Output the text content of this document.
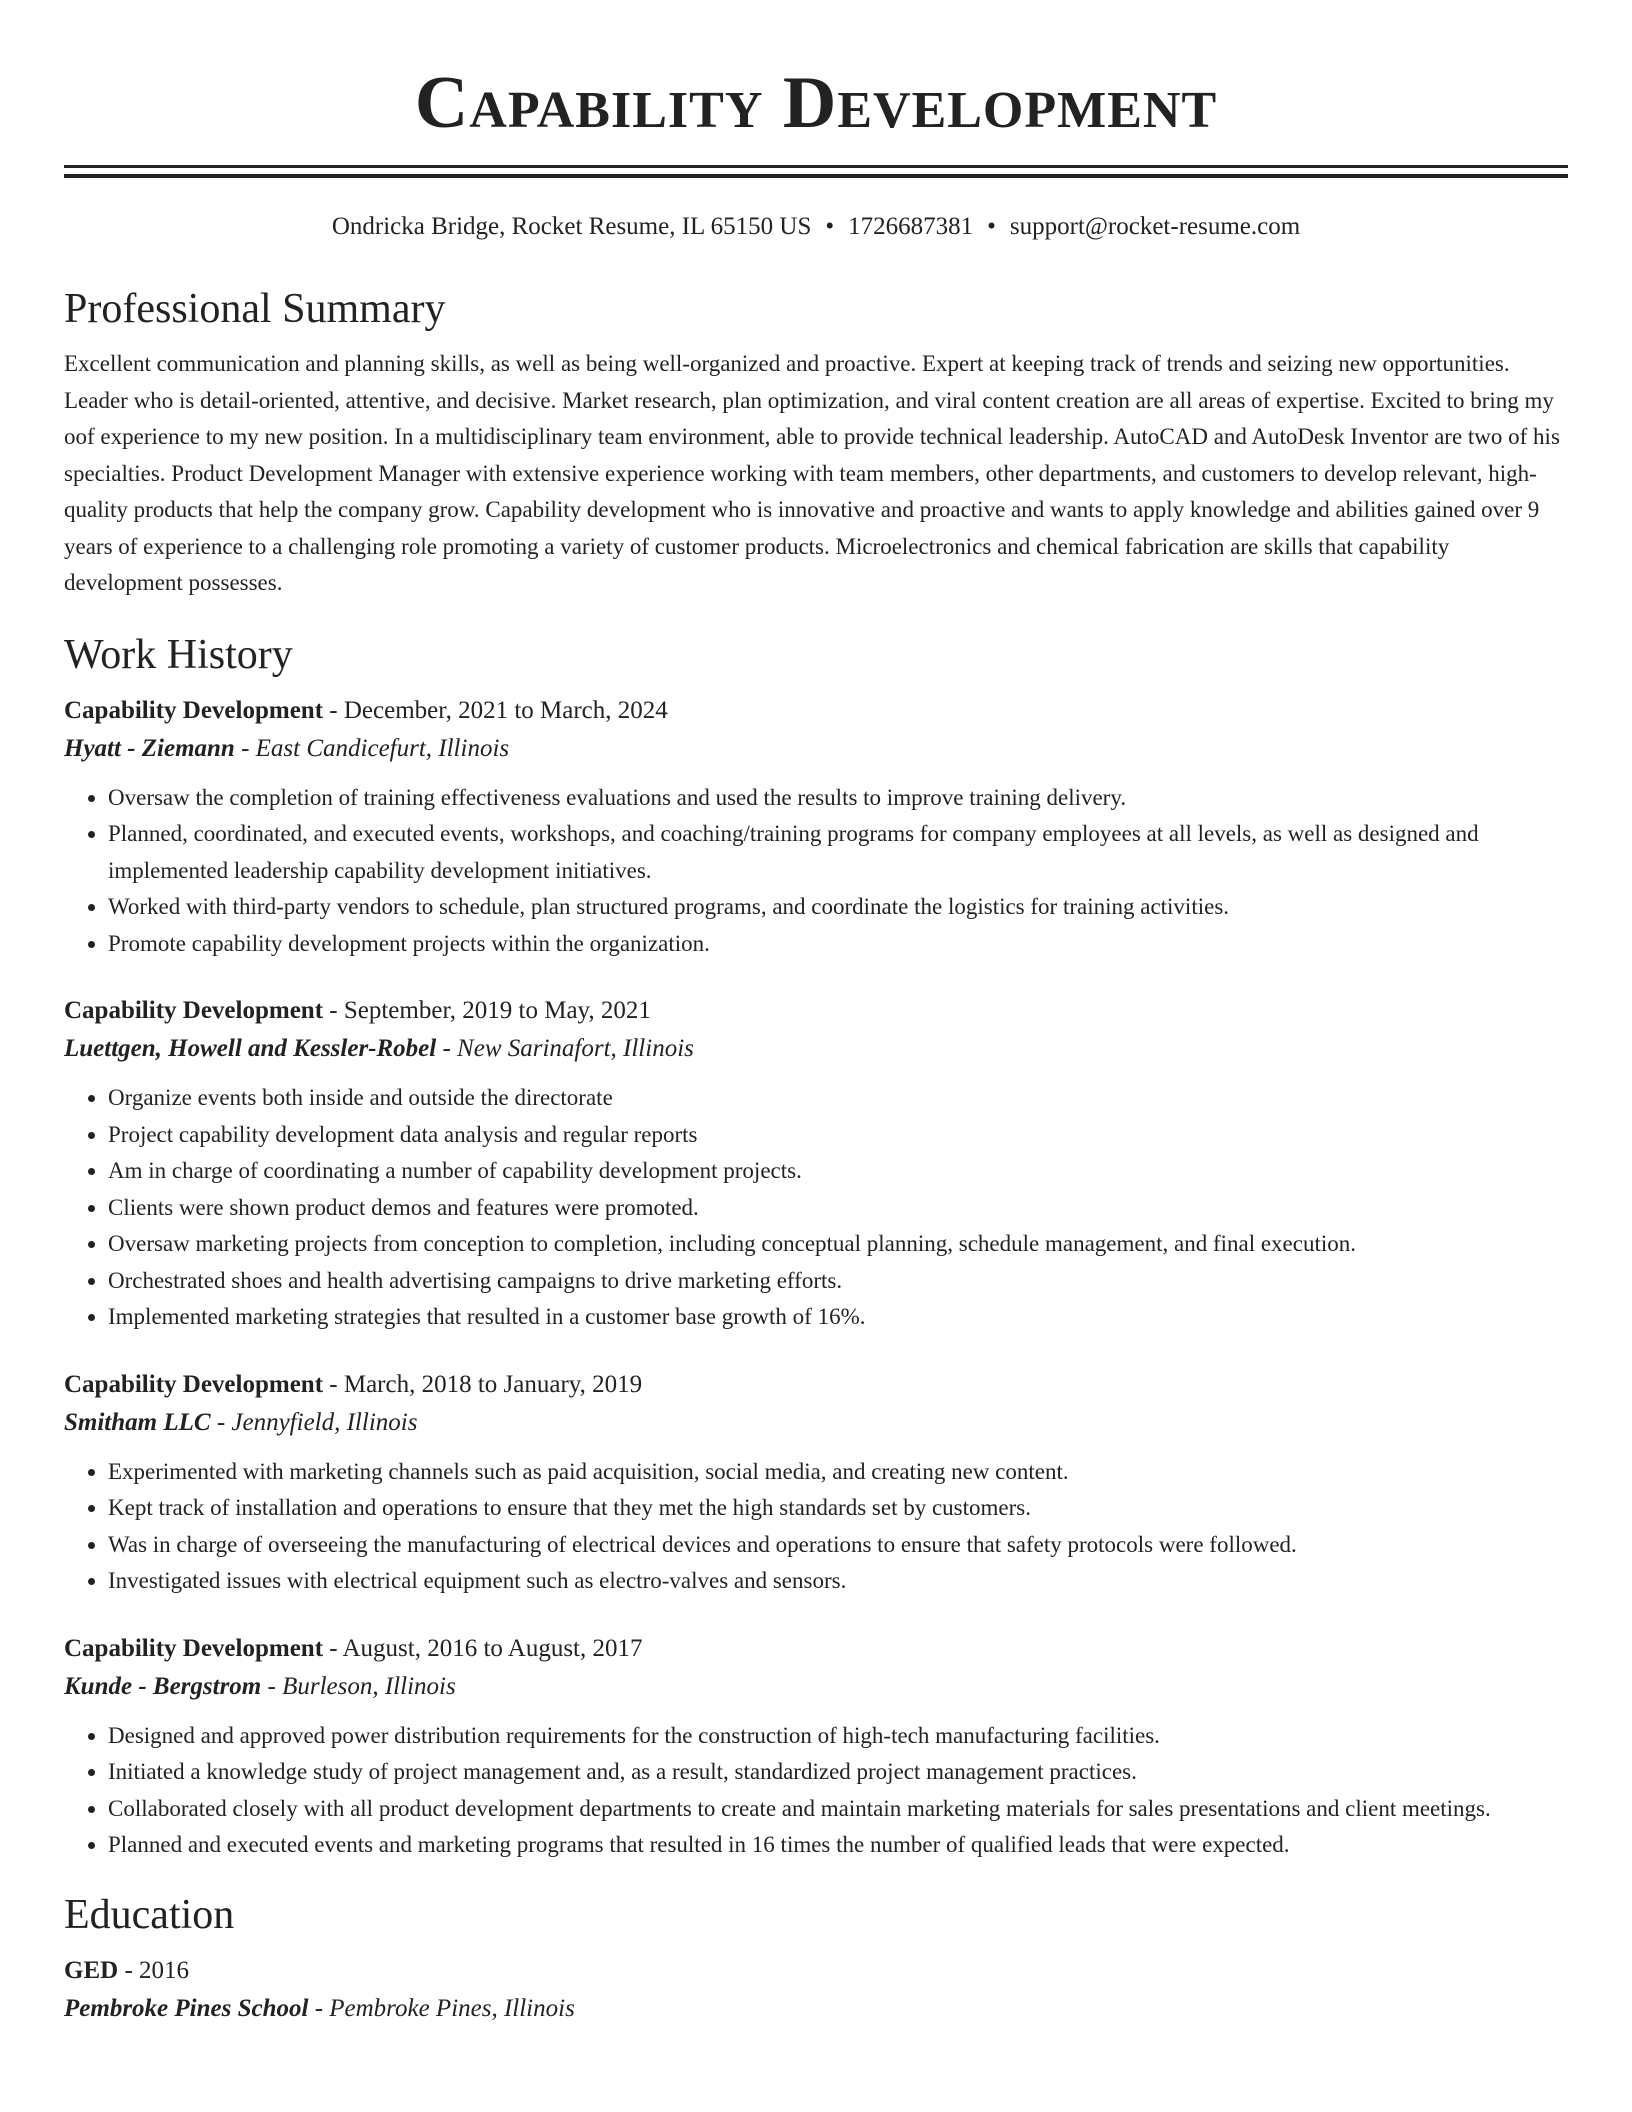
Capability Development
Ondricka Bridge, Rocket Resume, IL 65150 US • 1726687381 • support@rocket-resume.com
Professional Summary
Excellent communication and planning skills, as well as being well-organized and proactive. Expert at keeping track of trends and seizing new opportunities. Leader who is detail-oriented, attentive, and decisive. Market research, plan optimization, and viral content creation are all areas of expertise. Excited to bring my oof experience to my new position. In a multidisciplinary team environment, able to provide technical leadership. AutoCAD and AutoDesk Inventor are two of his specialties. Product Development Manager with extensive experience working with team members, other departments, and customers to develop relevant, high-quality products that help the company grow. Capability development who is innovative and proactive and wants to apply knowledge and abilities gained over 9 years of experience to a challenging role promoting a variety of customer products. Microelectronics and chemical fabrication are skills that capability development possesses.
Work History
Capability Development - December, 2021 to March, 2024
Hyatt - Ziemann - East Candicefurt, Illinois
• Oversaw the completion of training effectiveness evaluations and used the results to improve training delivery.
• Planned, coordinated, and executed events, workshops, and coaching/training programs for company employees at all levels, as well as designed and implemented leadership capability development initiatives.
• Worked with third-party vendors to schedule, plan structured programs, and coordinate the logistics for training activities.
• Promote capability development projects within the organization.
Capability Development - September, 2019 to May, 2021
Luettgen, Howell and Kessler-Robel - New Sarinafort, Illinois
• Organize events both inside and outside the directorate
• Project capability development data analysis and regular reports
• Am in charge of coordinating a number of capability development projects.
• Clients were shown product demos and features were promoted.
• Oversaw marketing projects from conception to completion, including conceptual planning, schedule management, and final execution.
• Orchestrated shoes and health advertising campaigns to drive marketing efforts.
• Implemented marketing strategies that resulted in a customer base growth of 16%.
Capability Development - March, 2018 to January, 2019
Smitham LLC - Jennyfield, Illinois
• Experimented with marketing channels such as paid acquisition, social media, and creating new content.
• Kept track of installation and operations to ensure that they met the high standards set by customers.
• Was in charge of overseeing the manufacturing of electrical devices and operations to ensure that safety protocols were followed.
• Investigated issues with electrical equipment such as electro-valves and sensors.
Capability Development - August, 2016 to August, 2017
Kunde - Bergstrom - Burleson, Illinois
• Designed and approved power distribution requirements for the construction of high-tech manufacturing facilities.
• Initiated a knowledge study of project management and, as a result, standardized project management practices.
• Collaborated closely with all product development departments to create and maintain marketing materials for sales presentations and client meetings.
• Planned and executed events and marketing programs that resulted in 16 times the number of qualified leads that were expected.
Education
GED - 2016
Pembroke Pines School - Pembroke Pines, Illinois
